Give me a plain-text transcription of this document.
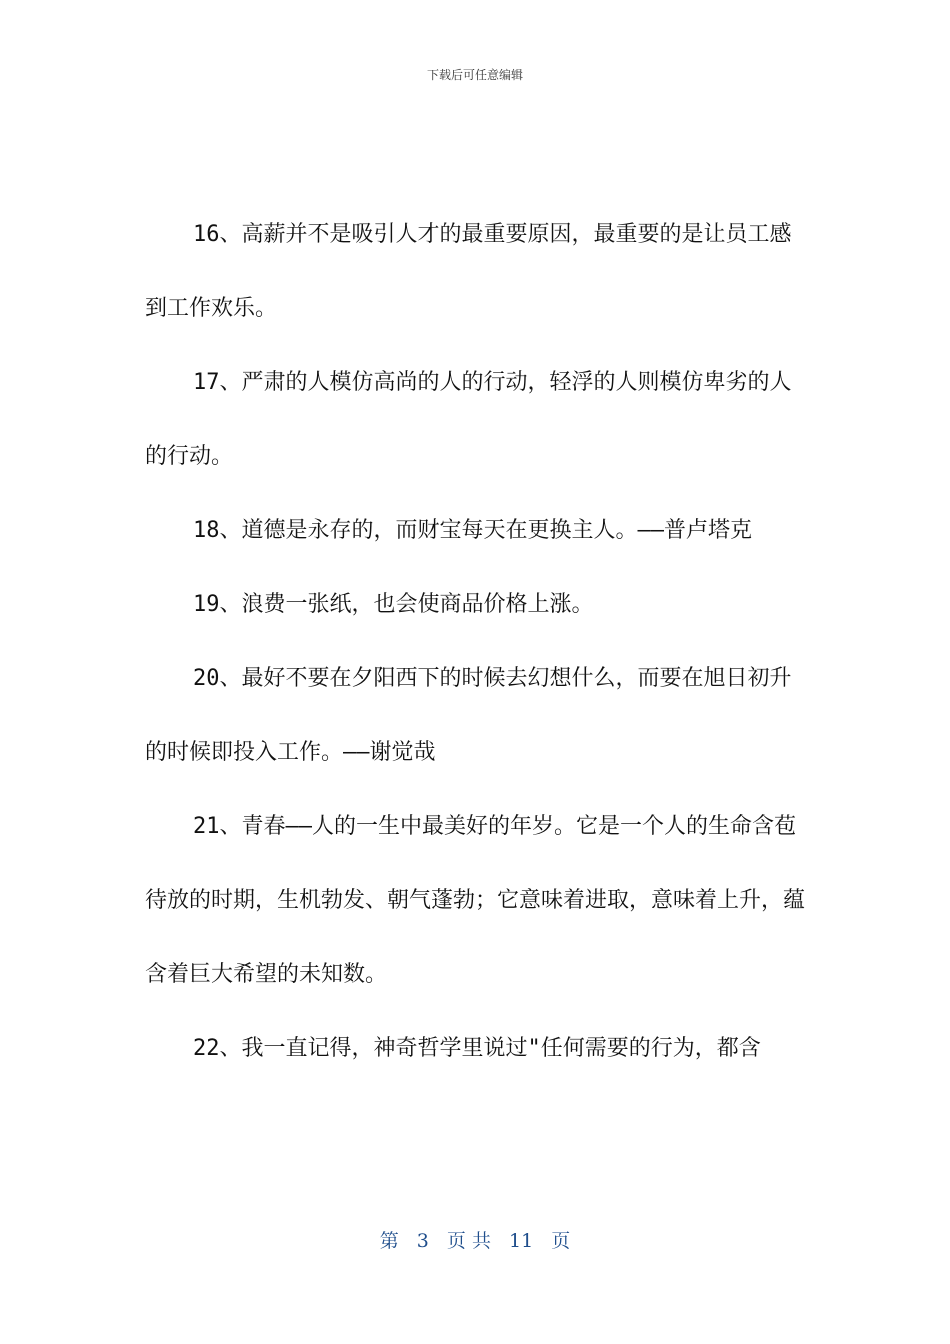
下载后可任意编辑

16、高薪并不是吸引人才的最重要原因，最重要的是让员工感到工作欢乐。

17、严肃的人模仿高尚的人的行动，轻浮的人则模仿卑劣的人的行动。

18、道德是永存的，而财宝每天在更换主人。——普卢塔克

19、浪费一张纸，也会使商品价格上涨。

20、最好不要在夕阳西下的时候去幻想什么，而要在旭日初升的时候即投入工作。——谢觉哉

21、青春——人的一生中最美好的年岁。它是一个人的生命含苞待放的时期，生机勃发、朝气蓬勃；它意味着进取，意味着上升，蕴含着巨大希望的未知数。

22、我一直记得，神奇哲学里说过"任何需要的行为，都含

第 3 页 共 11 页
